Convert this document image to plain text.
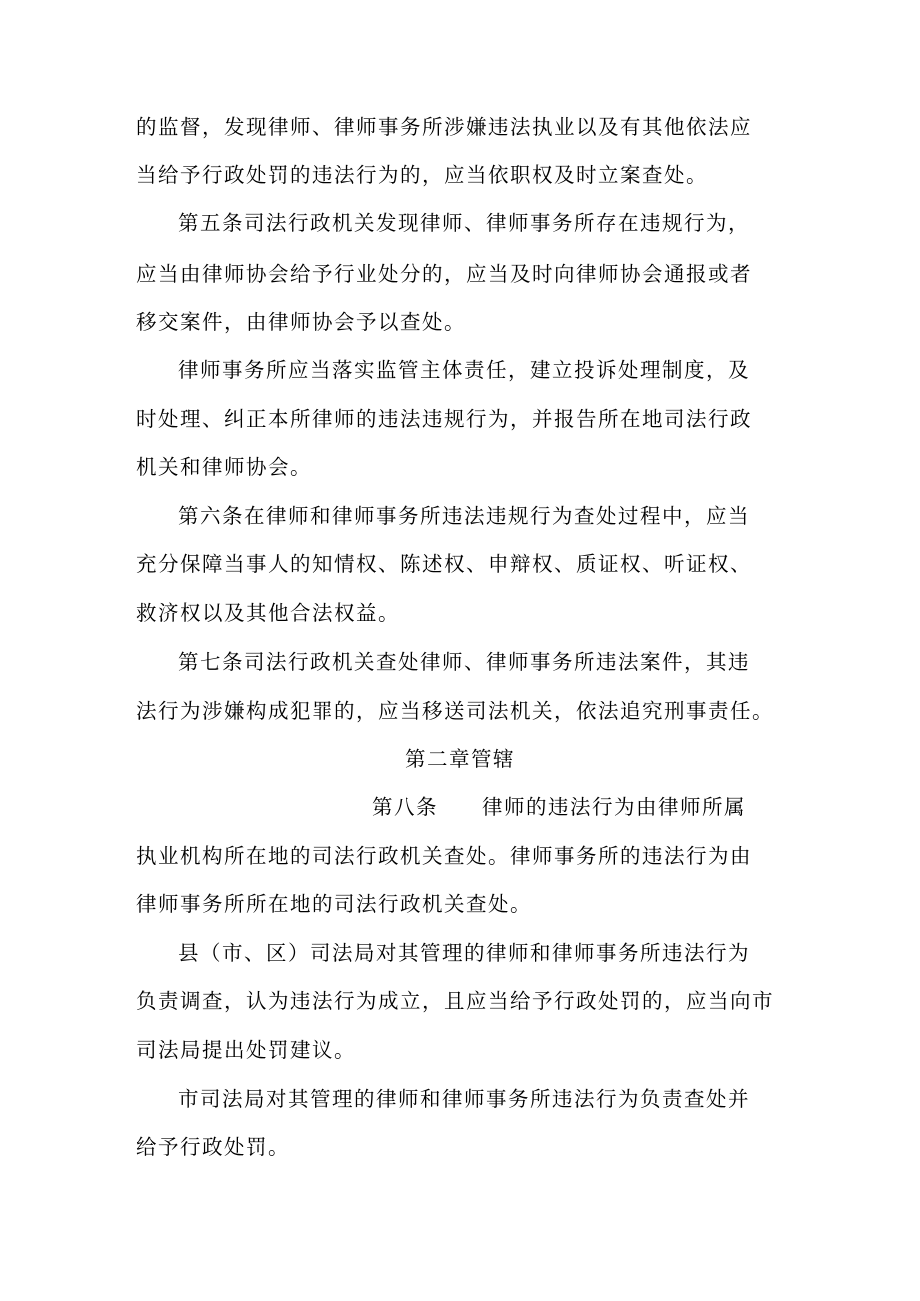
的监督，发现律师、律师事务所涉嫌违法执业以及有其他依法应
当给予行政处罚的违法行为的，应当依职权及时立案查处。
第五条司法行政机关发现律师、律师事务所存在违规行为，
应当由律师协会给予行业处分的，应当及时向律师协会通报或者
移交案件，由律师协会予以查处。
律师事务所应当落实监管主体责任，建立投诉处理制度，及
时处理、纠正本所律师的违法违规行为，并报告所在地司法行政
机关和律师协会。
第六条在律师和律师事务所违法违规行为查处过程中，应当
充分保障当事人的知情权、陈述权、申辩权、质证权、听证权、
救济权以及其他合法权益。
第七条司法行政机关查处律师、律师事务所违法案件，其违
法行为涉嫌构成犯罪的，应当移送司法机关，依法追究刑事责任。
第二章管辖
第八条　　律师的违法行为由律师所属
执业机构所在地的司法行政机关查处。律师事务所的违法行为由
律师事务所所在地的司法行政机关查处。
县（市、区）司法局对其管理的律师和律师事务所违法行为
负责调查，认为违法行为成立，且应当给予行政处罚的，应当向市
司法局提出处罚建议。
市司法局对其管理的律师和律师事务所违法行为负责查处并
给予行政处罚。
